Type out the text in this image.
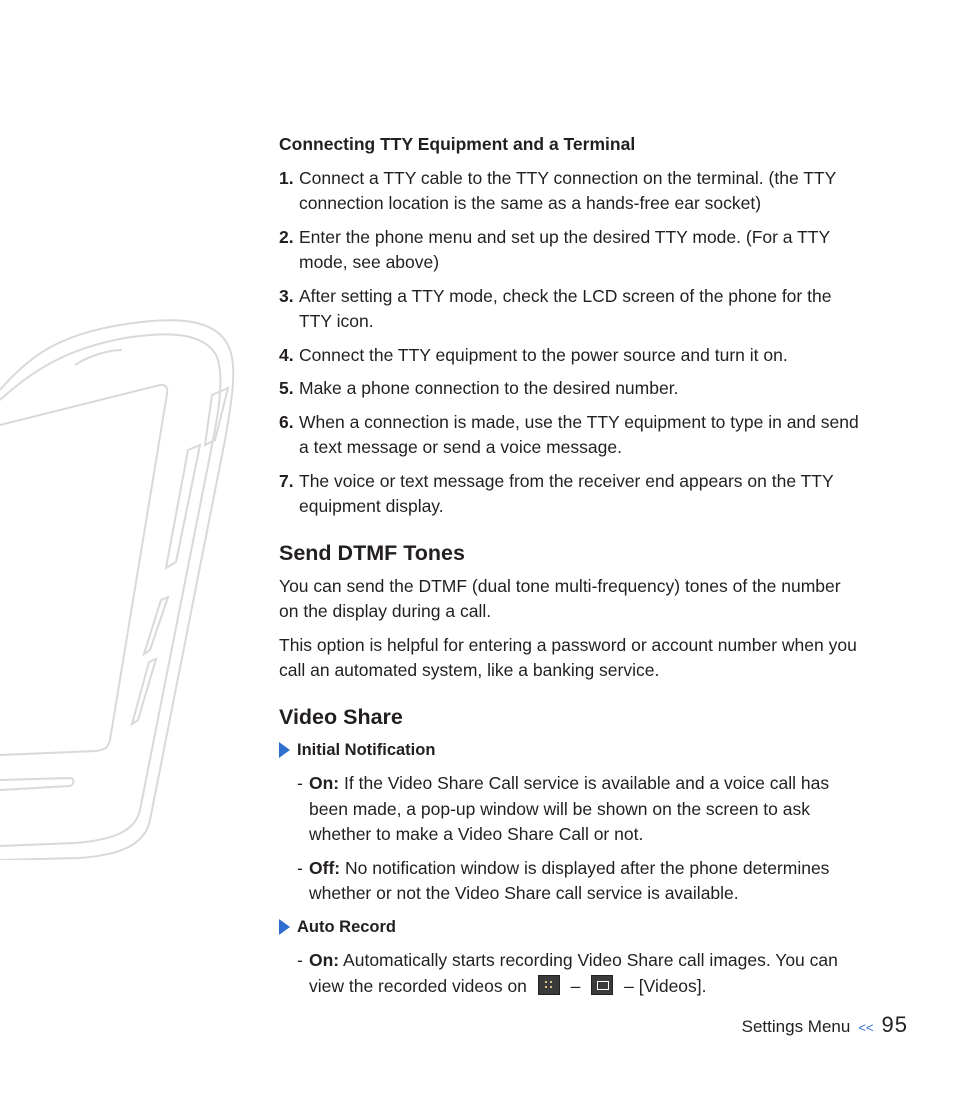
Connecting TTY Equipment and a Terminal
1. Connect a TTY cable to the TTY connection on the terminal. (the TTY connection location is the same as a hands-free ear socket)
2. Enter the phone menu and set up the desired TTY mode. (For a TTY mode, see above)
3. After setting a TTY mode, check the LCD screen of the phone for the TTY icon.
4. Connect the TTY equipment to the power source and turn it on.
5. Make a phone connection to the desired number.
6. When a connection is made, use the TTY equipment to type in and send a text message or send a voice message.
7. The voice or text message from the receiver end appears on the TTY equipment display.
Send DTMF Tones

You can send the DTMF (dual tone multi-frequency) tones of the number on the display during a call.

This option is helpful for entering a password or account number when you call an automated system, like a banking service.

Video Share
Initial Notification
- On: If the Video Share Call service is available and a voice call has been made, a pop-up window will be shown on the screen to ask whether to make a Video Share Call or not.
- Off: No notification window is displayed after the phone determines whether or not the Video Share call service is available.
Auto Record
- On: Automatically starts recording Video Share call images. You can view the recorded videos on	–	– [Videos].
Settings Menu << 95
